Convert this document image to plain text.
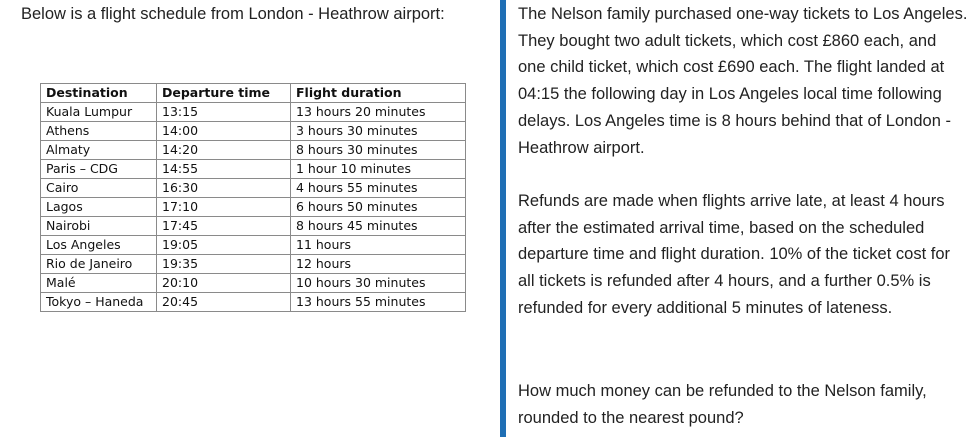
Below is a flight schedule from London - Heathrow airport:
Destination	Departure time	Flight duration
Kuala Lumpur	13:15	13 hours 20 minutes
Athens	14:00	3 hours 30 minutes
Almaty	14:20	8 hours 30 minutes
Paris – CDG	14:55	1 hour 10 minutes
Cairo	16:30	4 hours 55 minutes
Lagos	17:10	6 hours 50 minutes
Nairobi	17:45	8 hours 45 minutes
Los Angeles	19:05	11 hours
Rio de Janeiro	19:35	12 hours
Malé	20:10	10 hours 30 minutes
Tokyo – Haneda	20:45	13 hours 55 minutes

The Nelson family purchased one-way tickets to Los Angeles. They bought two adult tickets, which cost £860 each, and one child ticket, which cost £690 each. The flight landed at 04:15 the following day in Los Angeles local time following delays. Los Angeles time is 8 hours behind that of London - Heathrow airport.

Refunds are made when flights arrive late, at least 4 hours after the estimated arrival time, based on the scheduled departure time and flight duration. 10% of the ticket cost for all tickets is refunded after 4 hours, and a further 0.5% is refunded for every additional 5 minutes of lateness.

How much money can be refunded to the Nelson family, rounded to the nearest pound?
